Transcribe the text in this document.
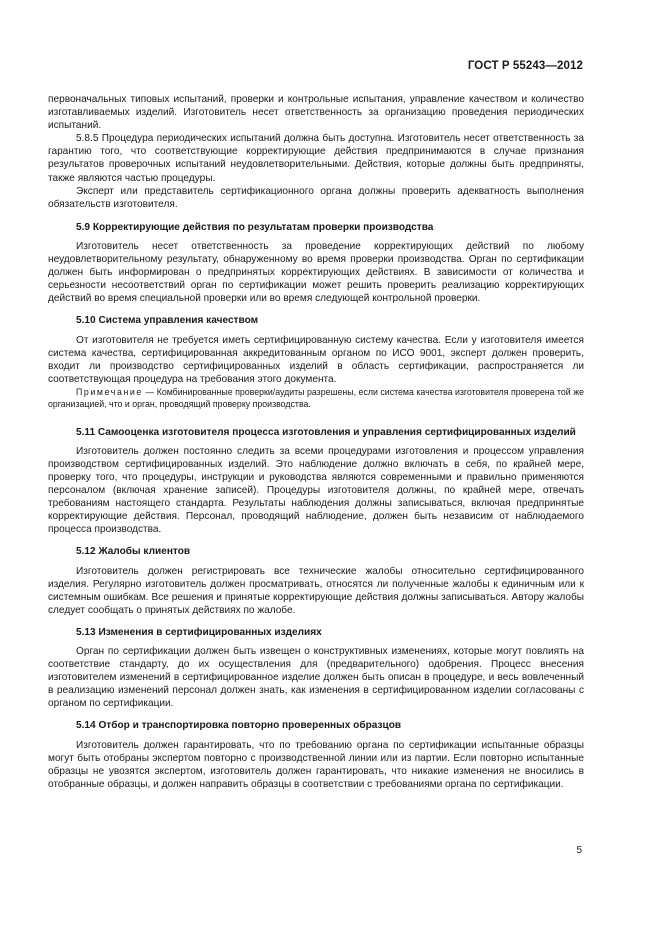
ГОСТ Р 55243—2012

первоначальных типовых испытаний, проверки и контрольные испытания, управление качеством и количество изготавливаемых изделий. Изготовитель несет ответственность за организацию проведения периодических испытаний.

5.8.5 Процедура периодических испытаний должна быть доступна. Изготовитель несет ответственность за гарантию того, что соответствующие корректирующие действия предпринимаются в случае признания результатов проверочных испытаний неудовлетворительными. Действия, которые должны быть предприняты, также являются частью процедуры.

Эксперт или представитель сертификационного органа должны проверить адекватность выполнения обязательств изготовителя.

5.9 Корректирующие действия по результатам проверки производства

Изготовитель несет ответственность за проведение корректирующих действий по любому неудовлетворительному результату, обнаруженному во время проверки производства. Орган по сертификации должен быть информирован о предпринятых корректирующих действиях. В зависимости от количества и серьезности несоответствий орган по сертификации может решить проверить реализацию корректирующих действий во время специальной проверки или во время следующей контрольной проверки.

5.10 Система управления качеством

От изготовителя не требуется иметь сертифицированную систему качества. Если у изготовителя имеется система качества, сертифицированная аккредитованным органом по ИСО 9001, эксперт должен проверить, входит ли производство сертифицированных изделий в область сертификации, распространяется ли соответствующая процедура на требования этого документа.

Примечание — Комбинированные проверки/аудиты разрешены, если система качества изготовителя проверена той же организацией, что и орган, проводящий проверку производства.

5.11 Самооценка изготовителя процесса изготовления и управления сертифицированных изделий

Изготовитель должен постоянно следить за всеми процедурами изготовления и процессом управления производством сертифицированных изделий. Это наблюдение должно включать в себя, по крайней мере, проверку того, что процедуры, инструкции и руководства являются современными и правильно применяются персоналом (включая хранение записей). Процедуры изготовителя должны, по крайней мере, отвечать требованиям настоящего стандарта. Результаты наблюдения должны записываться, включая предпринятые корректирующие действия. Персонал, проводящий наблюдение, должен быть независим от наблюдаемого процесса производства.

5.12 Жалобы клиентов

Изготовитель должен регистрировать все технические жалобы относительно сертифицированного изделия. Регулярно изготовитель должен просматривать, относятся ли полученные жалобы к единичным или к системным ошибкам. Все решения и принятые корректирующие действия должны записываться. Автору жалобы следует сообщать о принятых действиях по жалобе.

5.13 Изменения в сертифицированных изделиях

Орган по сертификации должен быть извещен о конструктивных изменениях, которые могут повлиять на соответствие стандарту, до их осуществления для (предварительного) одобрения. Процесс внесения изготовителем изменений в сертифицированное изделие должен быть описан в процедуре, и весь вовлеченный в реализацию изменений персонал должен знать, как изменения в сертифицированном изделии согласованы с органом по сертификации.

5.14 Отбор и транспортировка повторно проверенных образцов

Изготовитель должен гарантировать, что по требованию органа по сертификации испытанные образцы могут быть отобраны экспертом повторно с производственной линии или из партии. Если повторно испытанные образцы не увозятся экспертом, изготовитель должен гарантировать, что никакие изменения не вносились в отобранные образцы, и должен направить образцы в соответствии с требованиями органа по сертификации.

5
